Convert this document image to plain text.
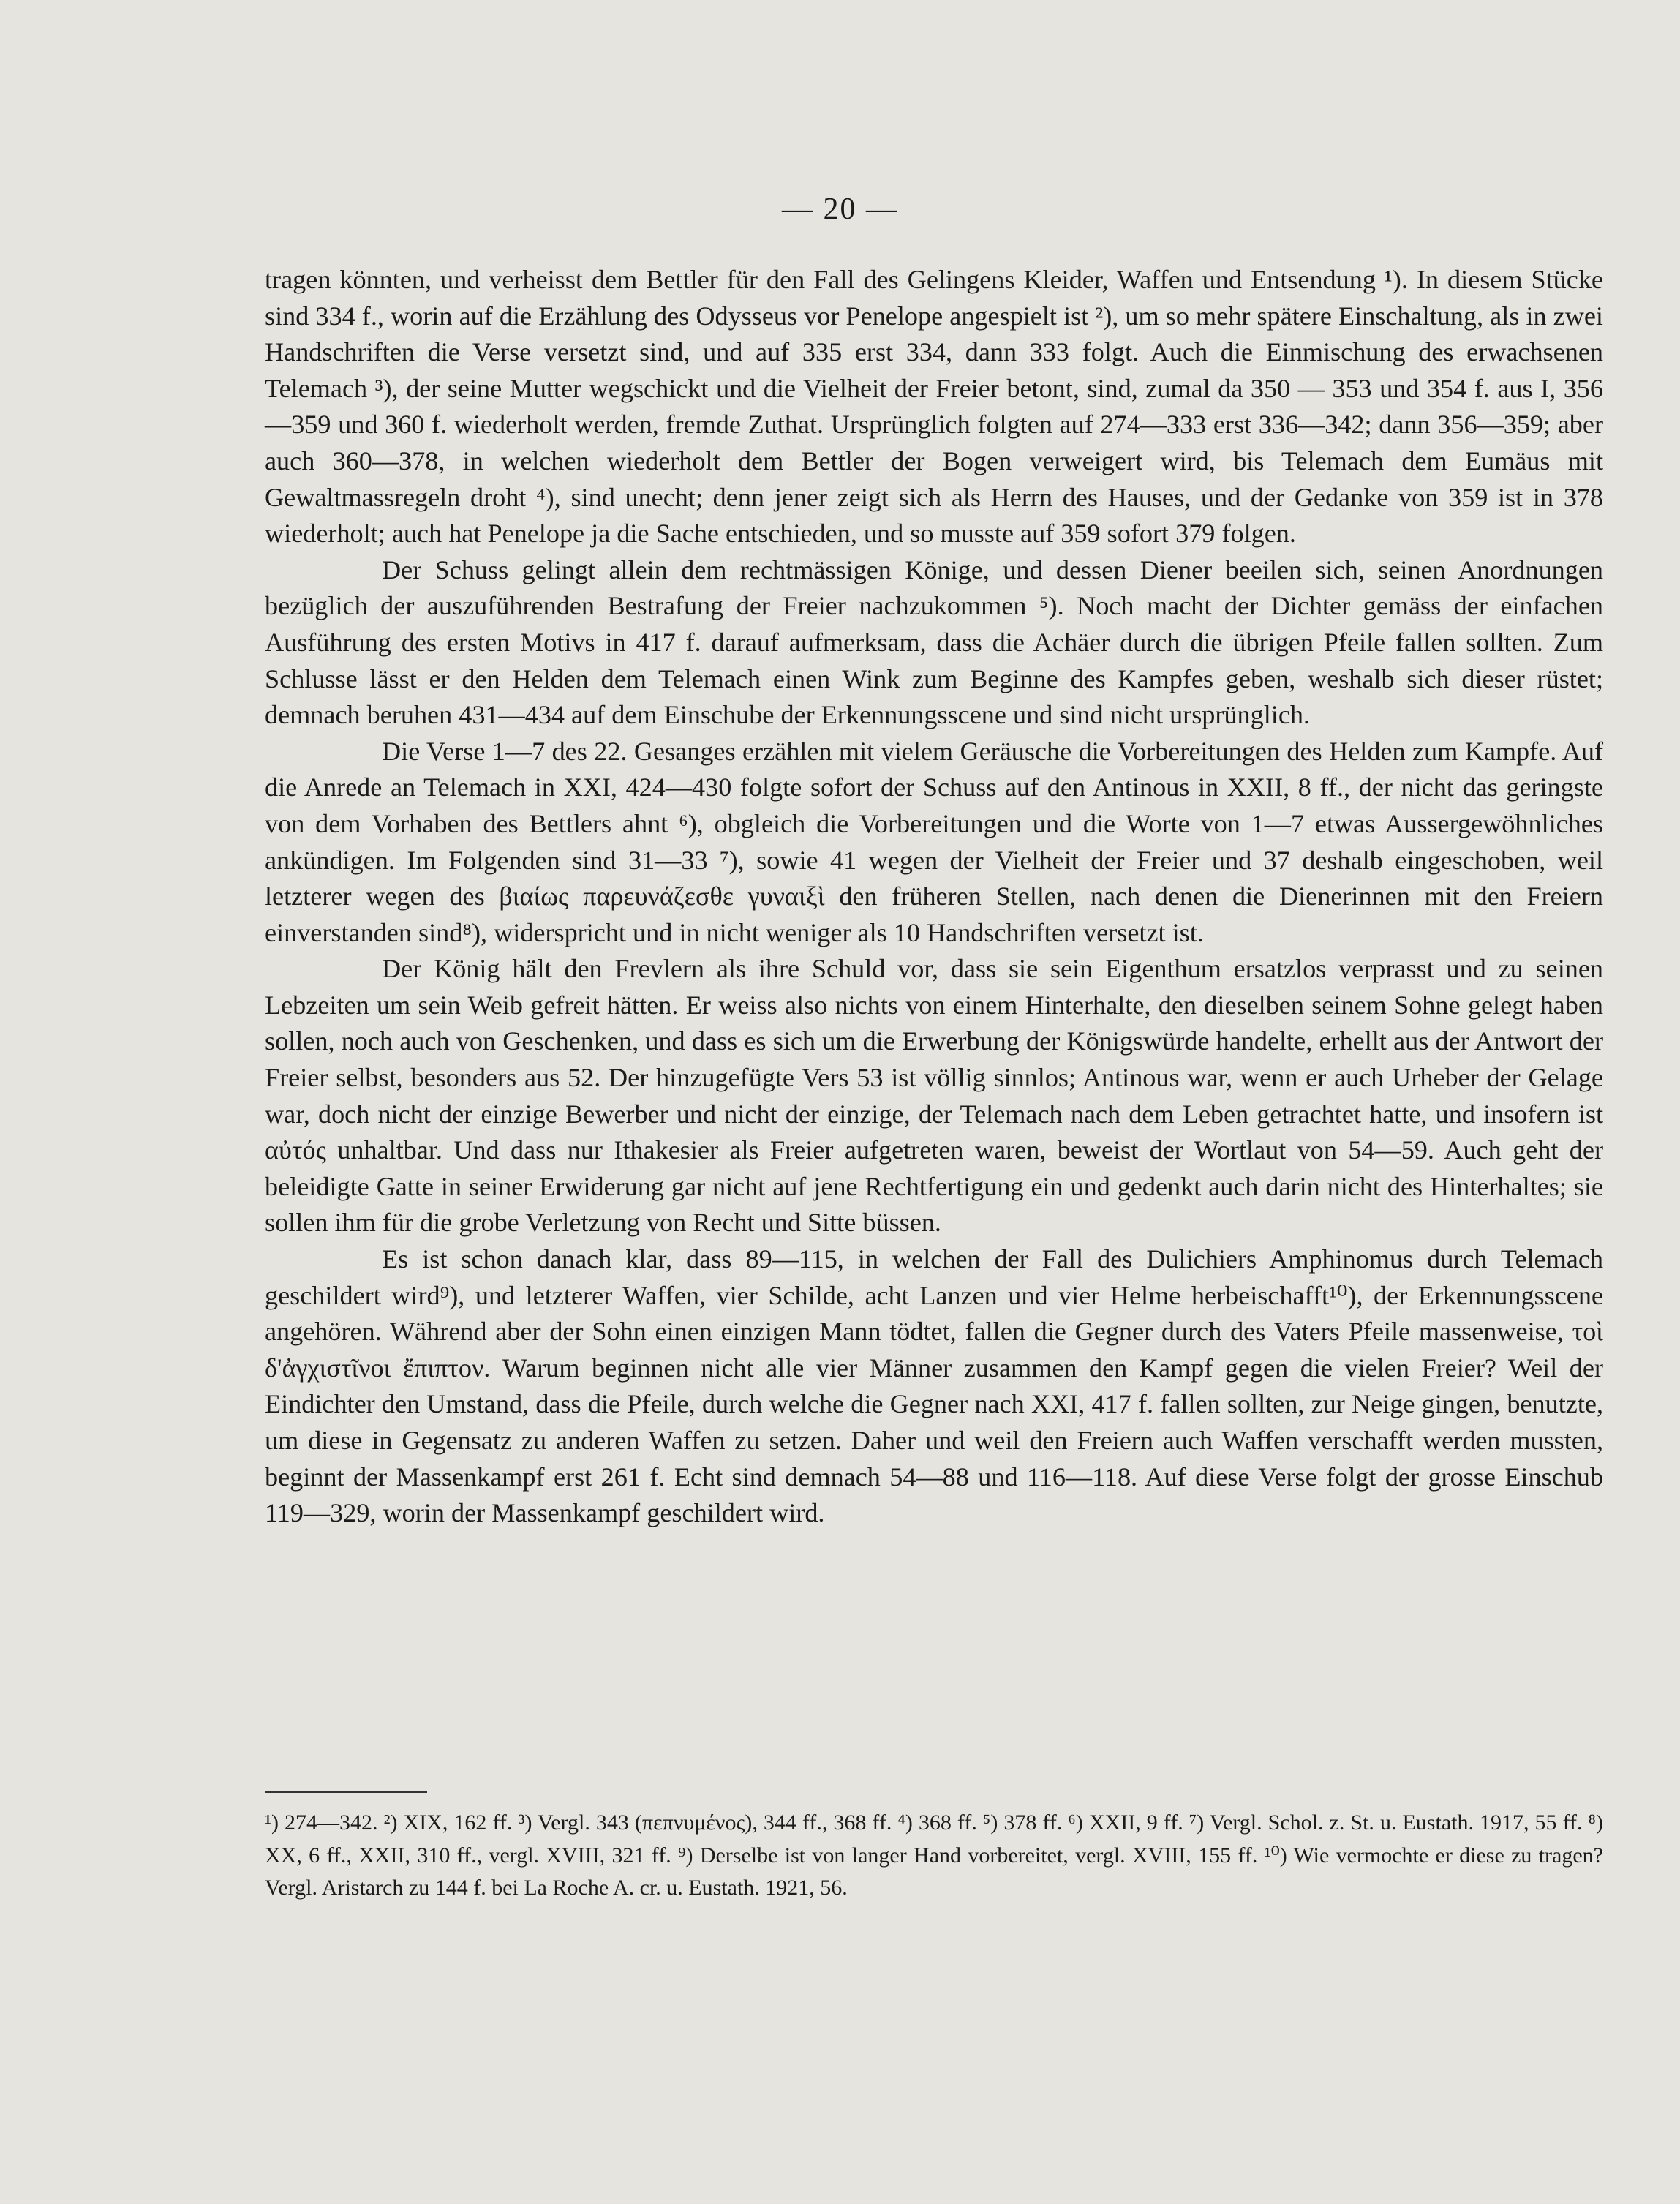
— 20 —

tragen könnten, und verheisst dem Bettler für den Fall des Gelingens Kleider, Waffen und Entsendung ¹). In diesem Stücke sind 334 f., worin auf die Erzählung des Odysseus vor Penelope angespielt ist ²), um so mehr spätere Einschaltung, als in zwei Handschriften die Verse versetzt sind, und auf 335 erst 334, dann 333 folgt. Auch die Einmischung des erwachsenen Telemach ³), der seine Mutter wegschickt und die Vielheit der Freier betont, sind, zumal da 350 — 353 und 354 f. aus I, 356—359 und 360 f. wiederholt werden, fremde Zuthat. Ursprünglich folgten auf 274—333 erst 336—342; dann 356—359; aber auch 360—378, in welchen wiederholt dem Bettler der Bogen verweigert wird, bis Telemach dem Eumäus mit Gewaltmassregeln droht ⁴), sind unecht; denn jener zeigt sich als Herrn des Hauses, und der Gedanke von 359 ist in 378 wiederholt; auch hat Penelope ja die Sache entschieden, und so musste auf 359 sofort 379 folgen.

Der Schuss gelingt allein dem rechtmässigen Könige, und dessen Diener beeilen sich, seinen Anordnungen bezüglich der auszuführenden Bestrafung der Freier nachzukommen ⁵). Noch macht der Dichter gemäss der einfachen Ausführung des ersten Motivs in 417 f. darauf aufmerksam, dass die Achäer durch die übrigen Pfeile fallen sollten. Zum Schlusse lässt er den Helden dem Telemach einen Wink zum Beginne des Kampfes geben, weshalb sich dieser rüstet; demnach beruhen 431—434 auf dem Einschube der Erkennungsscene und sind nicht ursprünglich.

Die Verse 1—7 des 22. Gesanges erzählen mit vielem Geräusche die Vorbereitungen des Helden zum Kampfe. Auf die Anrede an Telemach in XXI, 424—430 folgte sofort der Schuss auf den Antinous in XXII, 8 ff., der nicht das geringste von dem Vorhaben des Bettlers ahnt ⁶), obgleich die Vorbereitungen und die Worte von 1—7 etwas Aussergewöhnliches ankündigen. Im Folgenden sind 31—33 ⁷), sowie 41 wegen der Vielheit der Freier und 37 deshalb eingeschoben, weil letzterer wegen des βιαίως παρευνάζεσθε γυναιξὶ den früheren Stellen, nach denen die Dienerinnen mit den Freiern einverstanden sind⁸), widerspricht und in nicht weniger als 10 Handschriften versetzt ist.

Der König hält den Frevlern als ihre Schuld vor, dass sie sein Eigenthum ersatzlos verprasst und zu seinen Lebzeiten um sein Weib gefreit hätten. Er weiss also nichts von einem Hinterhalte, den dieselben seinem Sohne gelegt haben sollen, noch auch von Geschenken, und dass es sich um die Erwerbung der Königswürde handelte, erhellt aus der Antwort der Freier selbst, besonders aus 52. Der hinzugefügte Vers 53 ist völlig sinnlos; Antinous war, wenn er auch Urheber der Gelage war, doch nicht der einzige Bewerber und nicht der einzige, der Telemach nach dem Leben getrachtet hatte, und insofern ist αὐτός unhaltbar. Und dass nur Ithakesier als Freier aufgetreten waren, beweist der Wortlaut von 54—59. Auch geht der beleidigte Gatte in seiner Erwiderung gar nicht auf jene Rechtfertigung ein und gedenkt auch darin nicht des Hinterhaltes; sie sollen ihm für die grobe Verletzung von Recht und Sitte büssen.

Es ist schon danach klar, dass 89—115, in welchen der Fall des Dulichiers Amphinomus durch Telemach geschildert wird⁹), und letzterer Waffen, vier Schilde, acht Lanzen und vier Helme herbeischafft¹⁰), der Erkennungsscene angehören. Während aber der Sohn einen einzigen Mann tödtet, fallen die Gegner durch des Vaters Pfeile massenweise, τοὶ δ'ἀγχιστῖνοι ἔπιπτον. Warum beginnen nicht alle vier Männer zusammen den Kampf gegen die vielen Freier? Weil der Eindichter den Umstand, dass die Pfeile, durch welche die Gegner nach XXI, 417 f. fallen sollten, zur Neige gingen, benutzte, um diese in Gegensatz zu anderen Waffen zu setzen. Daher und weil den Freiern auch Waffen verschafft werden mussten, beginnt der Massenkampf erst 261 f. Echt sind demnach 54—88 und 116—118. Auf diese Verse folgt der grosse Einschub 119—329, worin der Massenkampf geschildert wird.

¹) 274—342. ²) XIX, 162 ff. ³) Vergl. 343 (πεπνυμένος), 344 ff., 368 ff. ⁴) 368 ff. ⁵) 378 ff. ⁶) XXII, 9 ff. ⁷) Vergl. Schol. z. St. u. Eustath. 1917, 55 ff. ⁸) XX, 6 ff., XXII, 310 ff., vergl. XVIII, 321 ff. ⁹) Derselbe ist von langer Hand vorbereitet, vergl. XVIII, 155 ff. ¹⁰) Wie vermochte er diese zu tragen? Vergl. Aristarch zu 144 f. bei La Roche A. cr. u. Eustath. 1921, 56.
